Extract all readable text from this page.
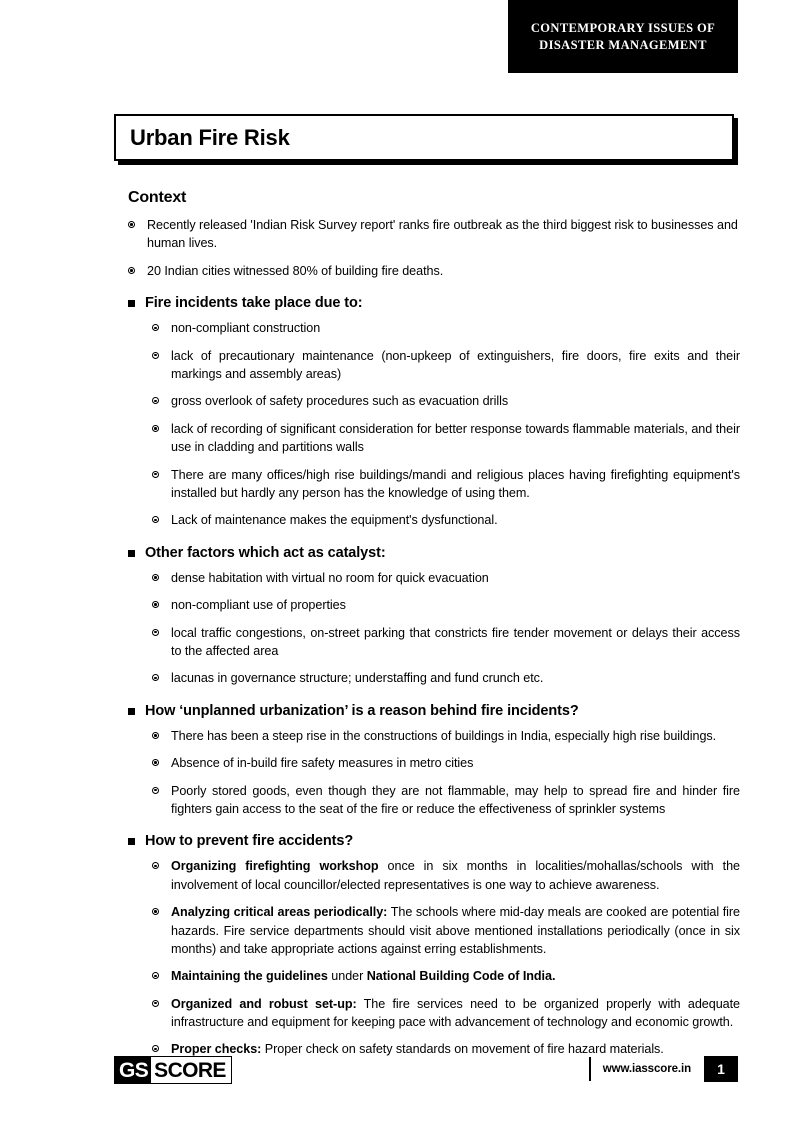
CONTEMPORARY ISSUES OF
DISASTER MANAGEMENT
Urban Fire Risk
Context
Recently released 'Indian Risk Survey report' ranks fire outbreak as the third biggest risk to businesses and human lives.
20 Indian cities witnessed 80% of building fire deaths.
Fire incidents take place due to:
non-compliant construction
lack of precautionary maintenance (non-upkeep of extinguishers, fire doors, fire exits and their markings and assembly areas)
gross overlook of safety procedures such as evacuation drills
lack of recording of significant consideration for better response towards flammable materials, and their use in cladding and partitions walls
There are many offices/high rise buildings/mandi and religious places having firefighting equipment's installed but hardly any person has the knowledge of using them.
Lack of maintenance makes the equipment's dysfunctional.
Other factors which act as catalyst:
dense habitation with virtual no room for quick evacuation
non-compliant use of properties
local traffic congestions, on-street parking that constricts fire tender movement or delays their access to the affected area
lacunas in governance structure; understaffing and fund crunch etc.
How ‘unplanned urbanization’ is a reason behind fire incidents?
There has been a steep rise in the constructions of buildings in India, especially high rise buildings.
Absence of in-build fire safety measures in metro cities
Poorly stored goods, even though they are not flammable, may help to spread fire and hinder fire fighters gain access to the seat of the fire or reduce the effectiveness of sprinkler systems
How to prevent fire accidents?
Organizing firefighting workshop once in six months in localities/mohallas/schools with the involvement of local councillor/elected representatives is one way to achieve awareness.
Analyzing critical areas periodically: The schools where mid-day meals are cooked are potential fire hazards. Fire service departments should visit above mentioned installations periodically (once in six months) and take appropriate actions against erring establishments.
Maintaining the guidelines under National Building Code of India.
Organized and robust set-up: The fire services need to be organized properly with adequate infrastructure and equipment for keeping pace with advancement of technology and economic growth.
Proper checks: Proper check on safety standards on movement of fire hazard materials.
GS SCORE	www.iasscore.in	1
